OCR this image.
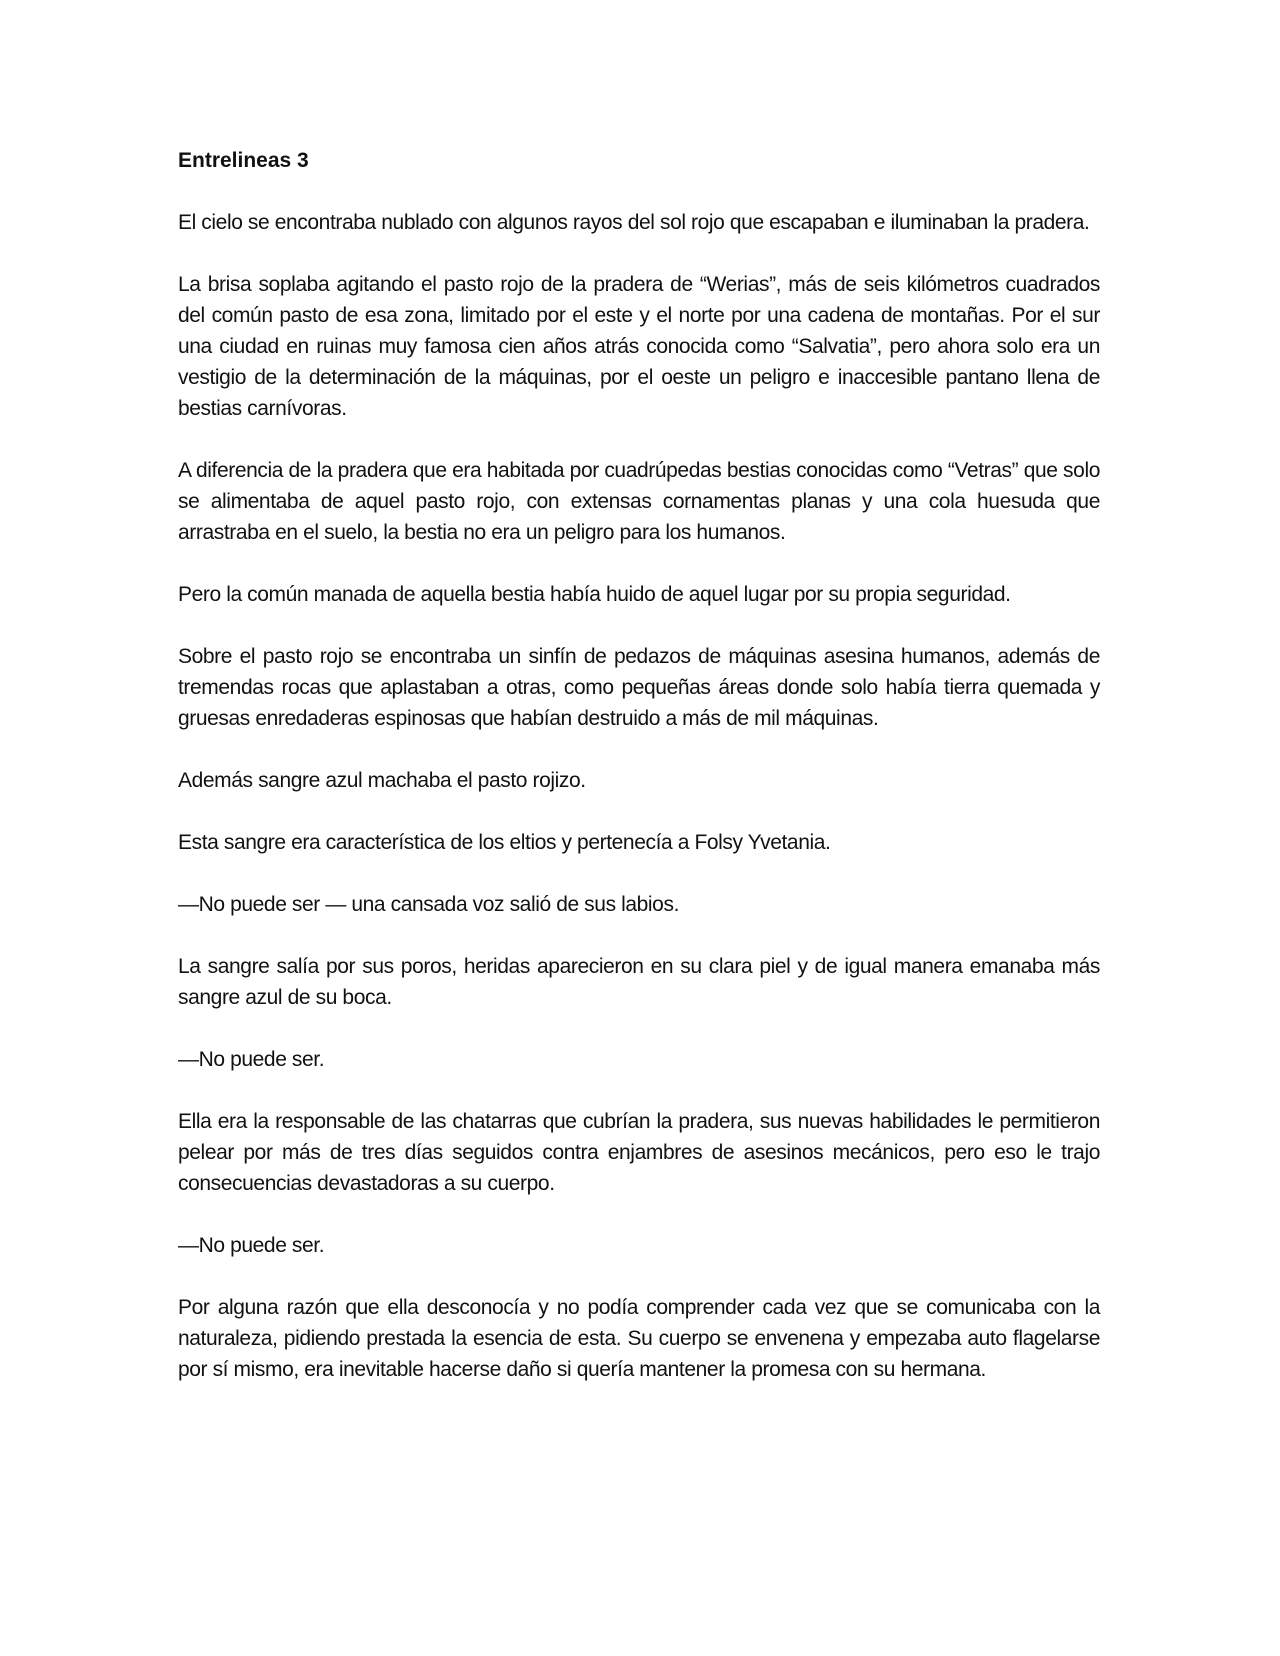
Entrelineas 3

El cielo se encontraba nublado con algunos rayos del sol rojo que escapaban e iluminaban la pradera.

La brisa soplaba agitando el pasto rojo de la pradera de “Werias”, más de seis kilómetros cuadrados del común pasto de esa zona, limitado por el este y el norte por una cadena de montañas. Por el sur una ciudad en ruinas muy famosa cien años atrás conocida como “Salvatia”, pero ahora solo era un vestigio de la determinación de la máquinas, por el oeste un peligro e inaccesible pantano llena de bestias carnívoras.

A diferencia de la pradera que era habitada por cuadrúpedas bestias conocidas como “Vetras” que solo se alimentaba de aquel pasto rojo, con extensas cornamentas planas y una cola huesuda que arrastraba en el suelo, la bestia no era un peligro para los humanos.

Pero la común manada de aquella bestia había huido de aquel lugar por su propia seguridad.

Sobre el pasto rojo se encontraba un sinfín de pedazos de máquinas asesina humanos, además de tremendas rocas que aplastaban a otras, como pequeñas áreas donde solo había tierra quemada y gruesas enredaderas espinosas que habían destruido a más de mil máquinas.

Además sangre azul machaba el pasto rojizo.

Esta sangre era característica de los eltios y pertenecía a Folsy Yvetania.

—No puede ser — una cansada voz salió de sus labios.

La sangre salía por sus poros, heridas aparecieron en su clara piel y de igual manera emanaba más sangre azul de su boca.

—No puede ser.

Ella era la responsable de las chatarras que cubrían la pradera, sus nuevas habilidades le permitieron pelear por más de tres días seguidos contra enjambres de asesinos mecánicos, pero eso le trajo consecuencias devastadoras a su cuerpo.

—No puede ser.

Por alguna razón que ella desconocía y no podía comprender cada vez que se comunicaba con la naturaleza, pidiendo prestada la esencia de esta. Su cuerpo se envenena y empezaba auto flagelarse por sí mismo, era inevitable hacerse daño si quería mantener la promesa con su hermana.
